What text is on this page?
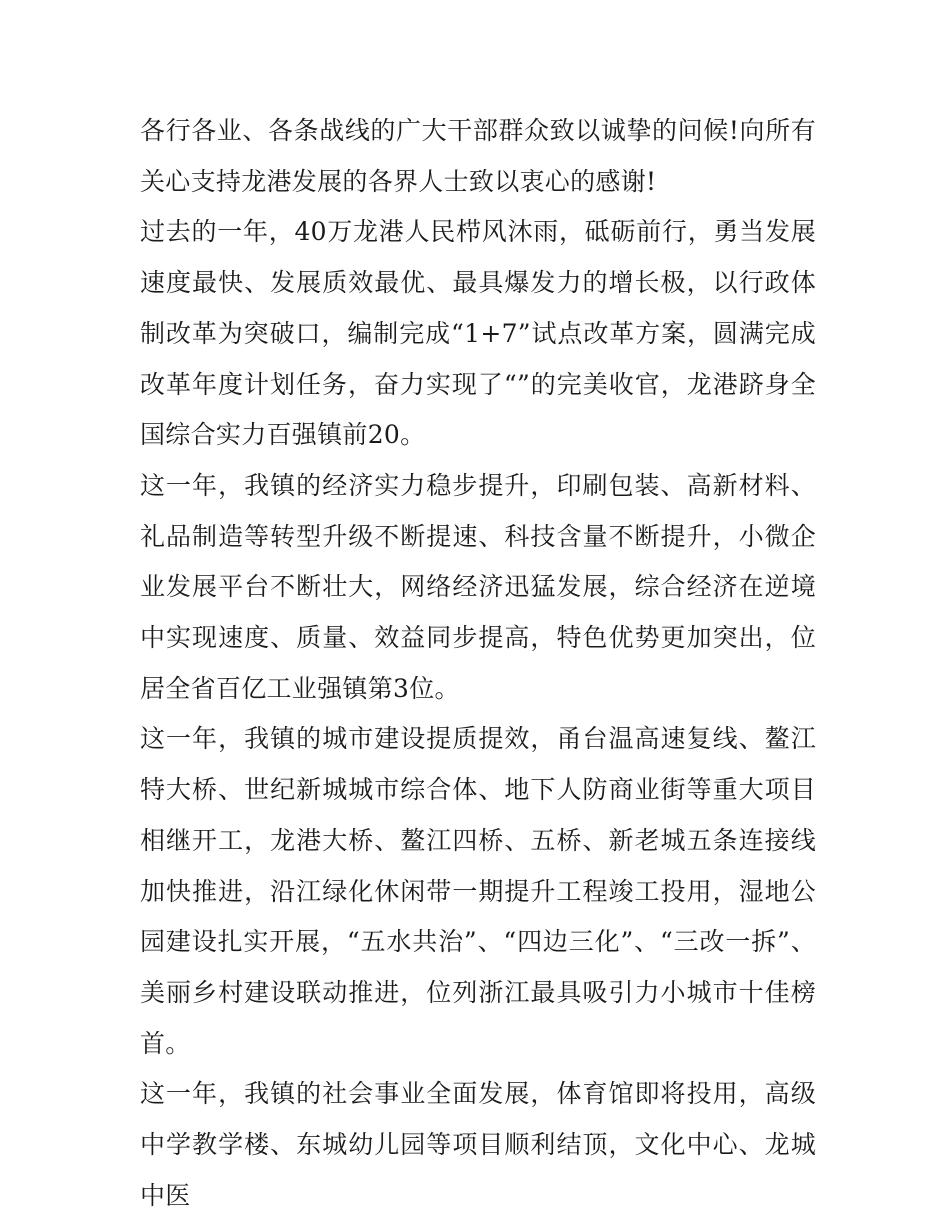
各行各业、各条战线的广大干部群众致以诚挚的问候!向所有关心支持龙港发展的各界人士致以衷心的感谢!

过去的一年，40万龙港人民栉风沐雨，砥砺前行，勇当发展速度最快、发展质效最优、最具爆发力的增长极，以行政体制改革为突破口，编制完成“1+7”试点改革方案，圆满完成改革年度计划任务，奋力实现了“”的完美收官，龙港跻身全国综合实力百强镇前20。

这一年，我镇的经济实力稳步提升，印刷包装、高新材料、礼品制造等转型升级不断提速、科技含量不断提升，小微企业发展平台不断壮大，网络经济迅猛发展，综合经济在逆境中实现速度、质量、效益同步提高，特色优势更加突出，位居全省百亿工业强镇第3位。

这一年，我镇的城市建设提质提效，甬台温高速复线、鳌江特大桥、世纪新城城市综合体、地下人防商业街等重大项目相继开工，龙港大桥、鳌江四桥、五桥、新老城五条连接线加快推进，沿江绿化休闲带一期提升工程竣工投用，湿地公园建设扎实开展，“五水共治”、“四边三化”、“三改一拆”、美丽乡村建设联动推进，位列浙江最具吸引力小城市十佳榜首。

这一年，我镇的社会事业全面发展，体育馆即将投用，高级中学教学楼、东城幼儿园等项目顺利结顶，文化中心、龙城中医
